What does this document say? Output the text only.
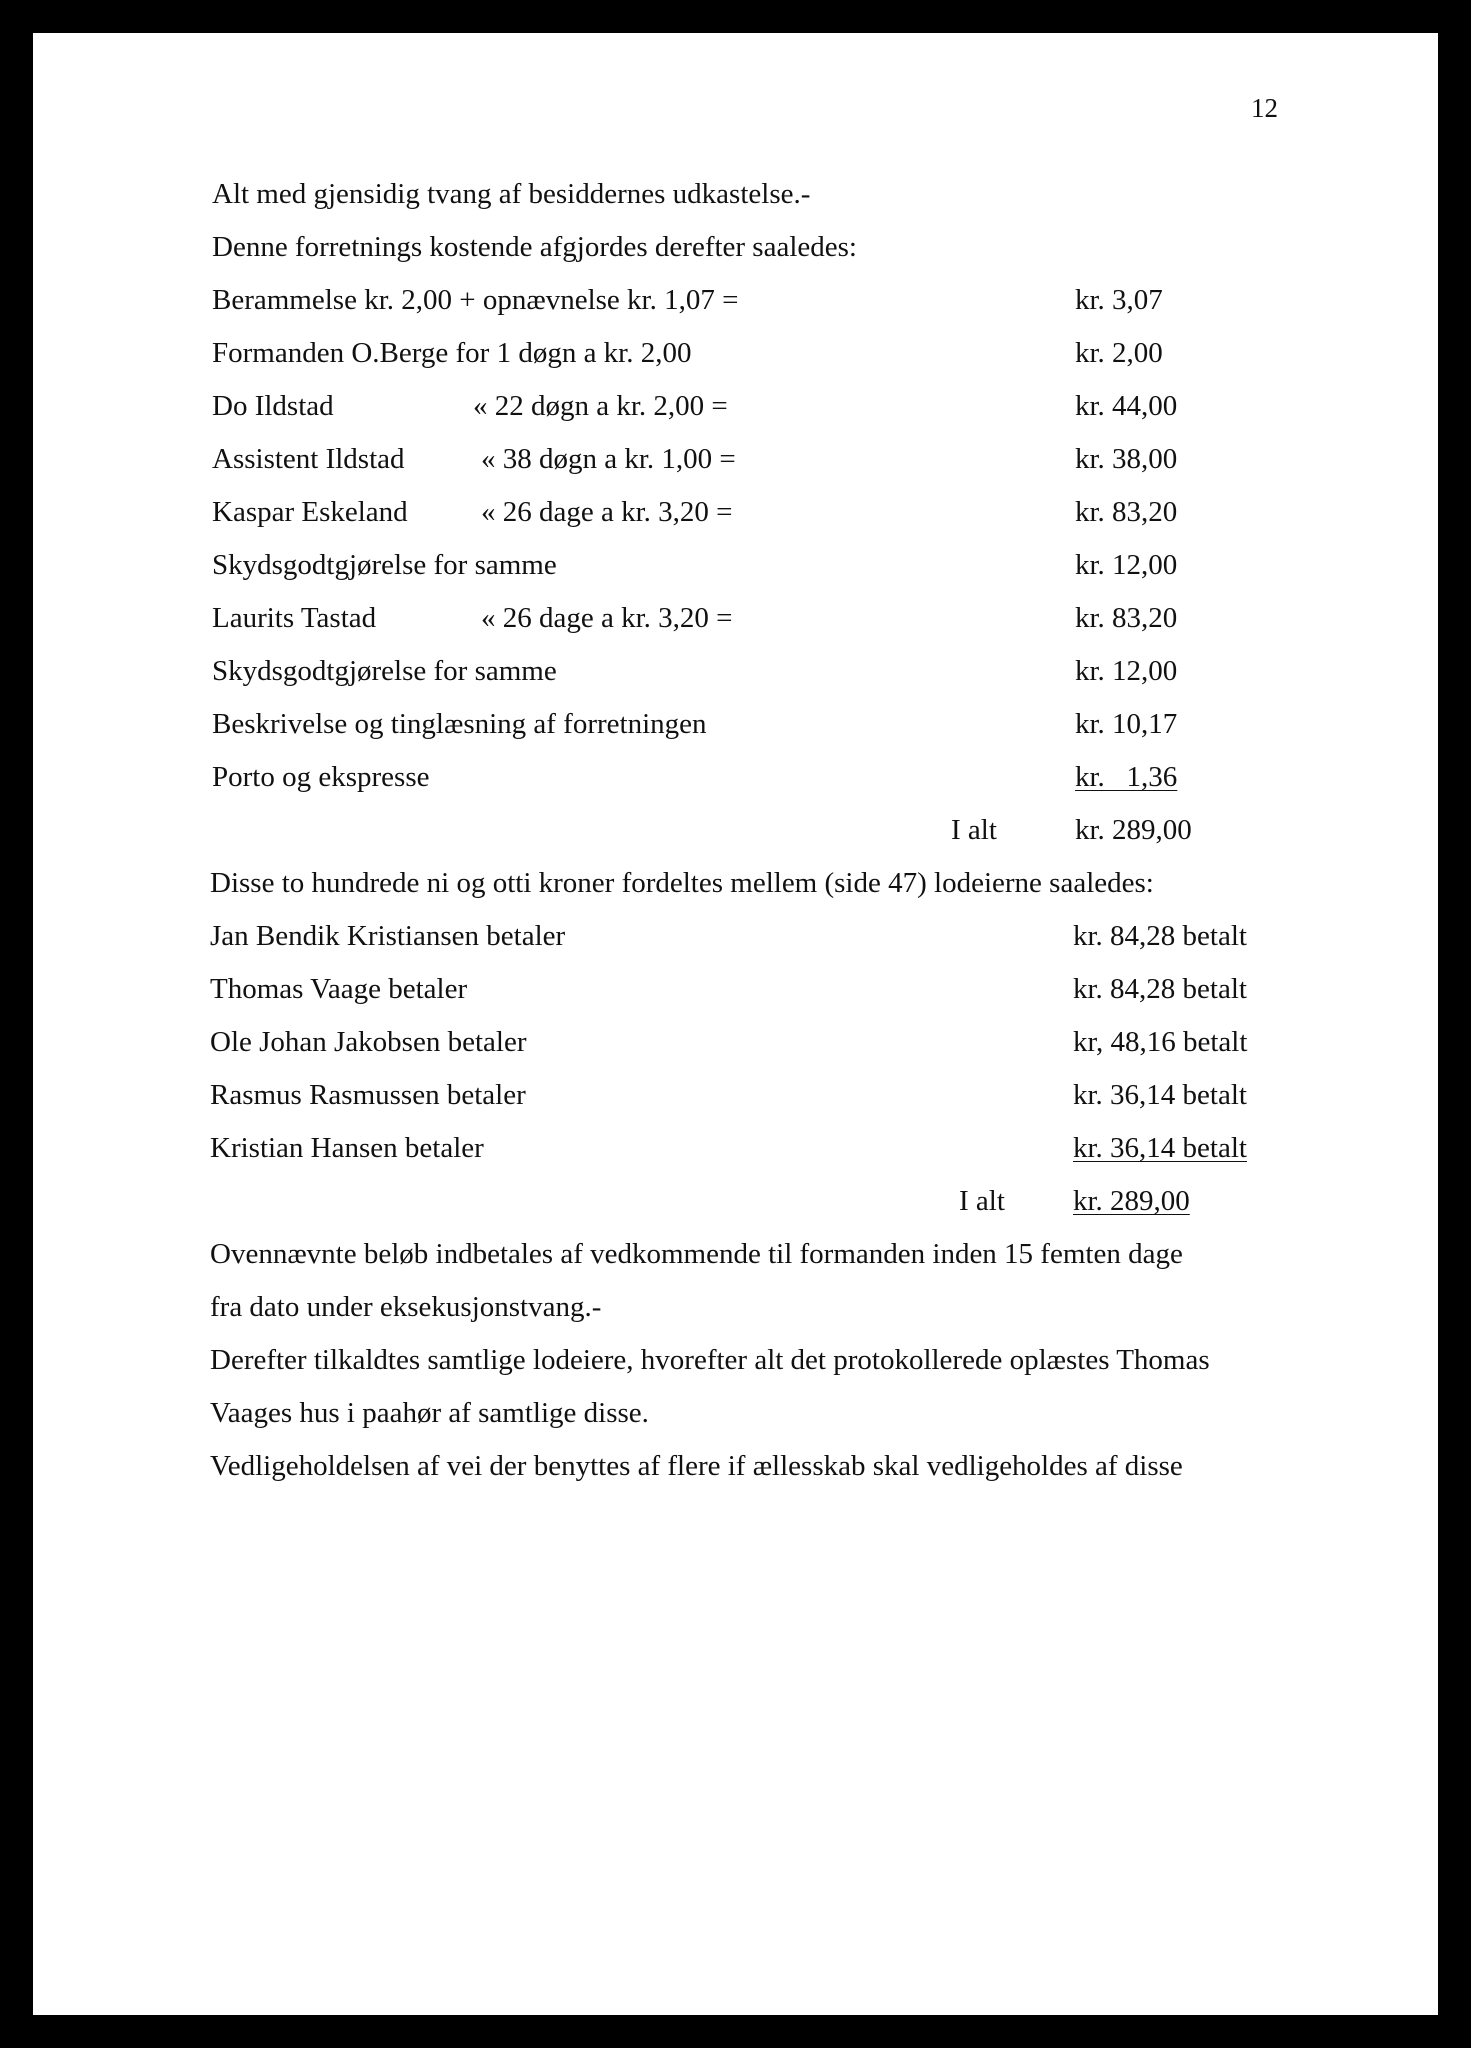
12
Alt med gjensidig tvang af besiddernes udkastelse.-
Denne forretnings kostende afgjordes derefter saaledes:
Berammelse kr. 2,00 + opnævnelse kr. 1,07 =	kr. 3,07
Formanden O.Berge for 1 døgn a kr. 2,00	kr. 2,00
Do Ildstad	« 22 døgn a kr. 2,00 =	kr. 44,00
Assistent Ildstad	« 38 døgn a kr. 1,00 =	kr. 38,00
Kaspar Eskeland	« 26 dage a kr. 3,20 =	kr. 83,20
Skydsgodtgjørelse for samme	kr. 12,00
Laurits Tastad	« 26 dage a kr. 3,20 =	kr. 83,20
Skydsgodtgjørelse for samme	kr. 12,00
Beskrivelse og tinglæsning af forretningen	kr. 10,17
Porto og ekspresse	kr.   1,36
I alt	kr. 289,00
Disse to hundrede ni og otti kroner fordeltes mellem (side 47) lodeierne saaledes:
Jan Bendik Kristiansen betaler	kr. 84,28 betalt
Thomas Vaage betaler	kr. 84,28 betalt
Ole Johan Jakobsen betaler	kr, 48,16 betalt
Rasmus Rasmussen betaler	kr. 36,14 betalt
Kristian Hansen betaler	kr. 36,14 betalt
I alt kr. 289,00
Ovennævnte beløb indbetales af vedkommende til formanden inden 15 femten dage
fra dato under eksekusjonstvang.-
Derefter tilkaldtes samtlige lodeiere, hvorefter alt det protokollerede oplæstes Thomas
Vaages hus i paahør af samtlige disse.
Vedligeholdelsen af vei der benyttes af flere if ællesskab skal vedligeholdes af disse
